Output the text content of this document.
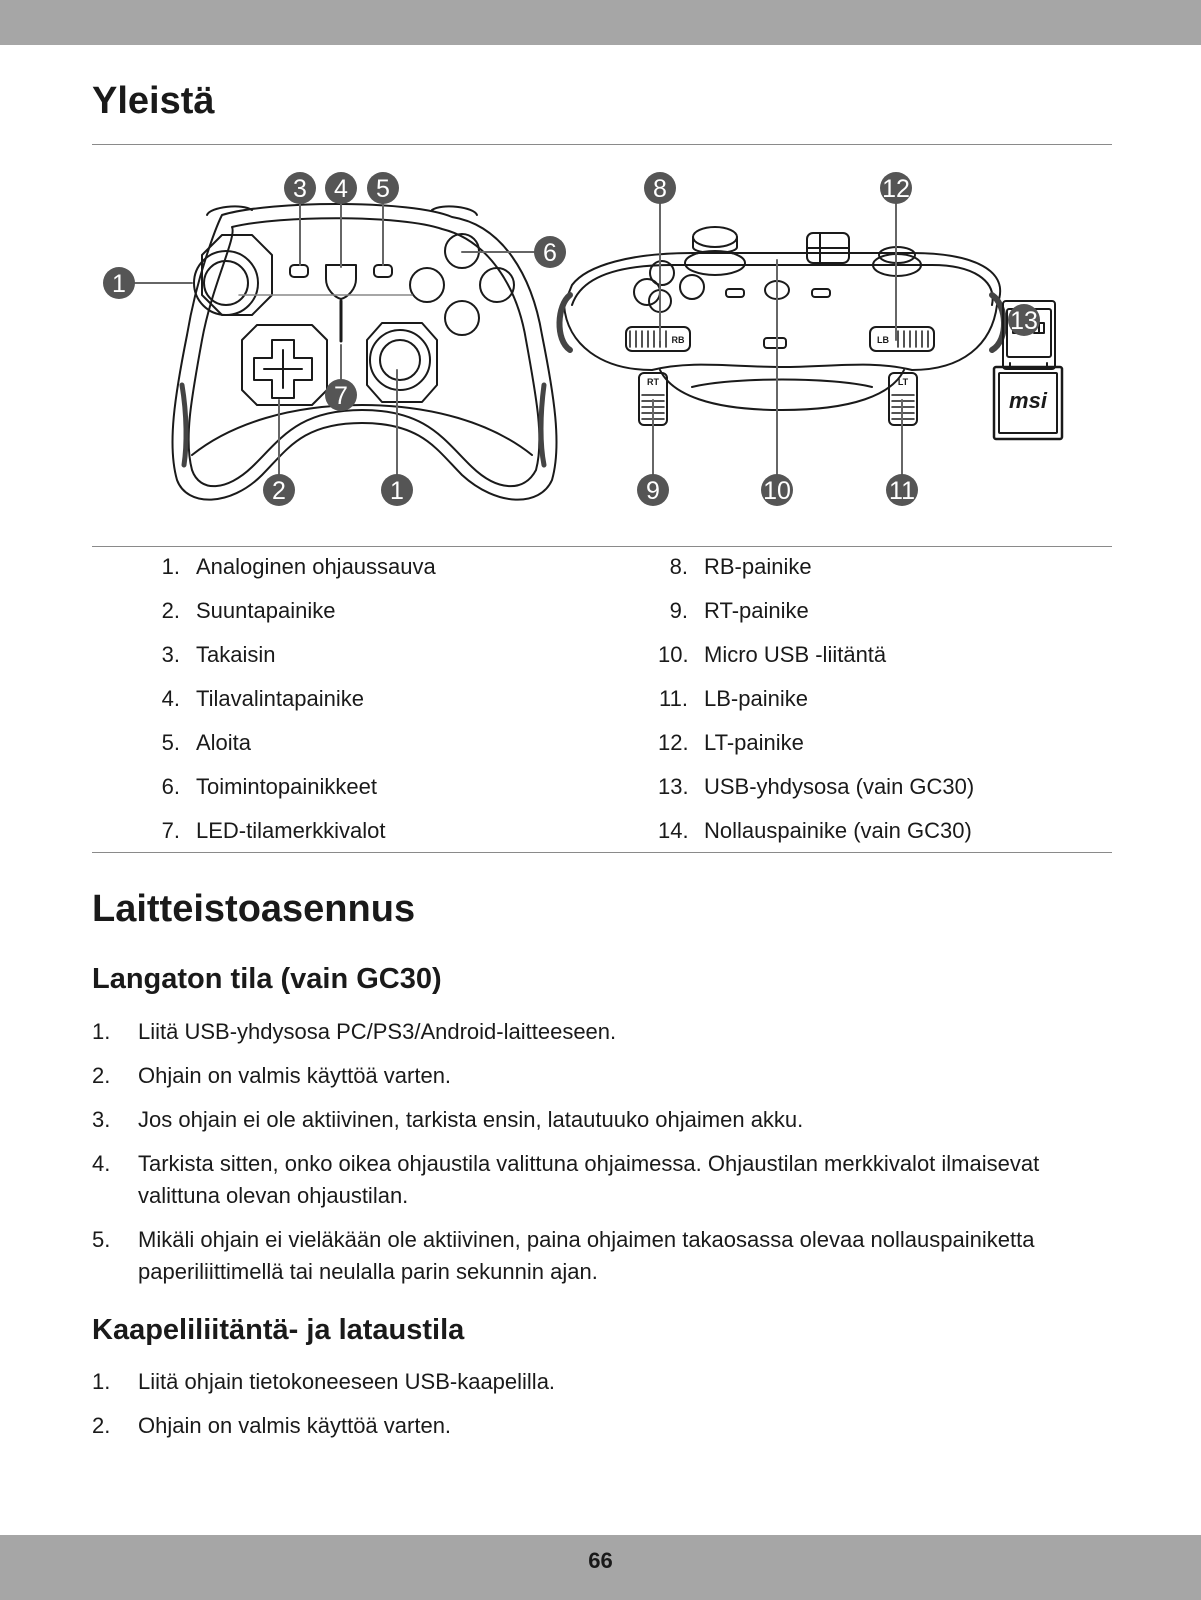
Yleistä
msi
RB	LB
RT	LT
1
2
3 4 5
6
7
8
9	10	11
12
13
1
1. Analoginen ohjaussauva
2. Suuntapainike
3. Takaisin
4. Tilavalintapainike
5. Aloita
6. Toimintopainikkeet
7. LED-tilamerkkivalot
8. RB-painike
9. RT-painike
10. Micro USB -liitäntä
11. LB-painike
12. LT-painike
13. USB-yhdysosa (vain GC30)
14. Nollauspainike (vain GC30)
Laitteistoasennus
Langaton tila (vain GC30)
1. Liitä USB-yhdysosa PC/PS3/Android-laitteeseen.
2. Ohjain on valmis käyttöä varten.
3. Jos ohjain ei ole aktiivinen, tarkista ensin, latautuuko ohjaimen akku.
4. Tarkista sitten, onko oikea ohjaustila valittuna ohjaimessa. Ohjaustilan merkkivalot ilmaisevat valittuna olevan ohjaustilan.
5. Mikäli ohjain ei vieläkään ole aktiivinen, paina ohjaimen takaosassa olevaa nollauspainiketta paperiliittimellä tai neulalla parin sekunnin ajan.
Kaapeliliitäntä- ja lataustila
1. Liitä ohjain tietokoneeseen USB-kaapelilla.
2. Ohjain on valmis käyttöä varten.
66
